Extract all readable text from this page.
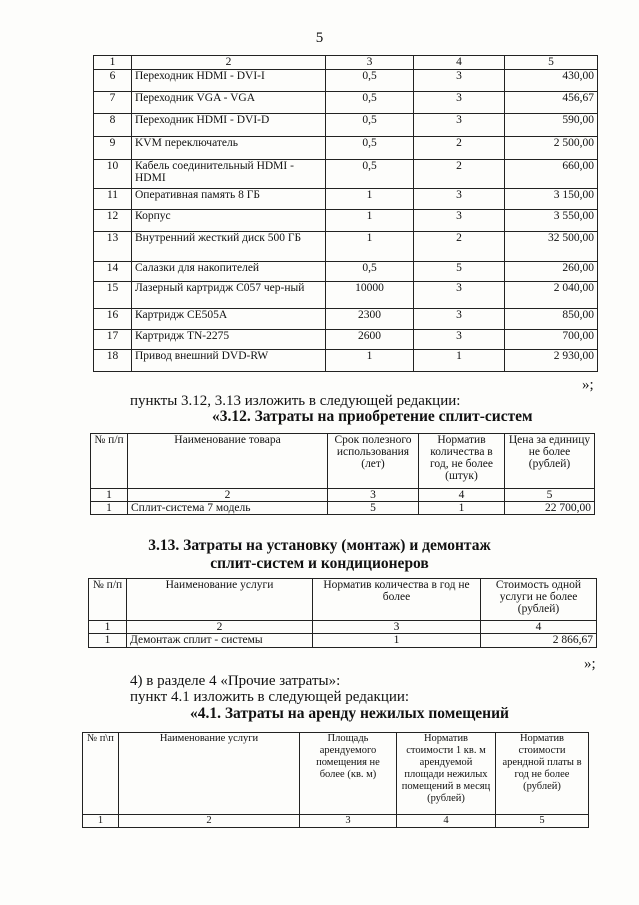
5
1	2	3	4	5
6	Переходник HDMI - DVI-I	0,5	3	430,00
7	Переходник VGA - VGA	0,5	3	456,67
8	Переходник HDMI - DVI-D	0,5	3	590,00
9	KVM переключатель	0,5	2	2 500,00
10	Кабель соединительный HDMI - HDMI	0,5	2	660,00
11	Оперативная память 8 ГБ	1	3	3 150,00
12	Корпус	1	3	3 550,00
13	Внутренний жесткий диск 500 ГБ	1	2	32 500,00
14	Салазки для накопителей	0,5	5	260,00
15	Лазерный картридж С057 чер-ный	10000	3	2 040,00
16	Картридж CE505A	2300	3	850,00
17	Картридж TN-2275	2600	3	700,00
18	Привод внешний DVD-RW	1	1	2 930,00
»;
пункты 3.12, 3.13 изложить в следующей редакции:
«3.12. Затраты на приобретение сплит-систем
№ п/п	Наименование товара	Срок полезного использования (лет)	Норматив количества в год, не более (штук)	Цена за единицу не более (рублей)
1	2	3	4	5
1	Сплит-система 7 модель	5	1	22 700,00
3.13. Затраты на установку (монтаж) и демонтаж
сплит-систем и кондиционеров
№ п/п	Наименование услуги	Норматив количества в год не более	Стоимость одной услуги не более (рублей)
1	2	3	4
1	Демонтаж сплит - системы	1	2 866,67
»;
4) в разделе 4 «Прочие затраты»:
пункт 4.1 изложить в следующей редакции:
«4.1. Затраты на аренду нежилых помещений
№ п\п	Наименование услуги	Площадь арендуемого помещения не более (кв. м)	Норматив стоимости 1 кв. м арендуемой площади нежилых помещений в месяц (рублей)	Норматив стоимости арендной платы в год не более (рублей)
1	2	3	4	5
